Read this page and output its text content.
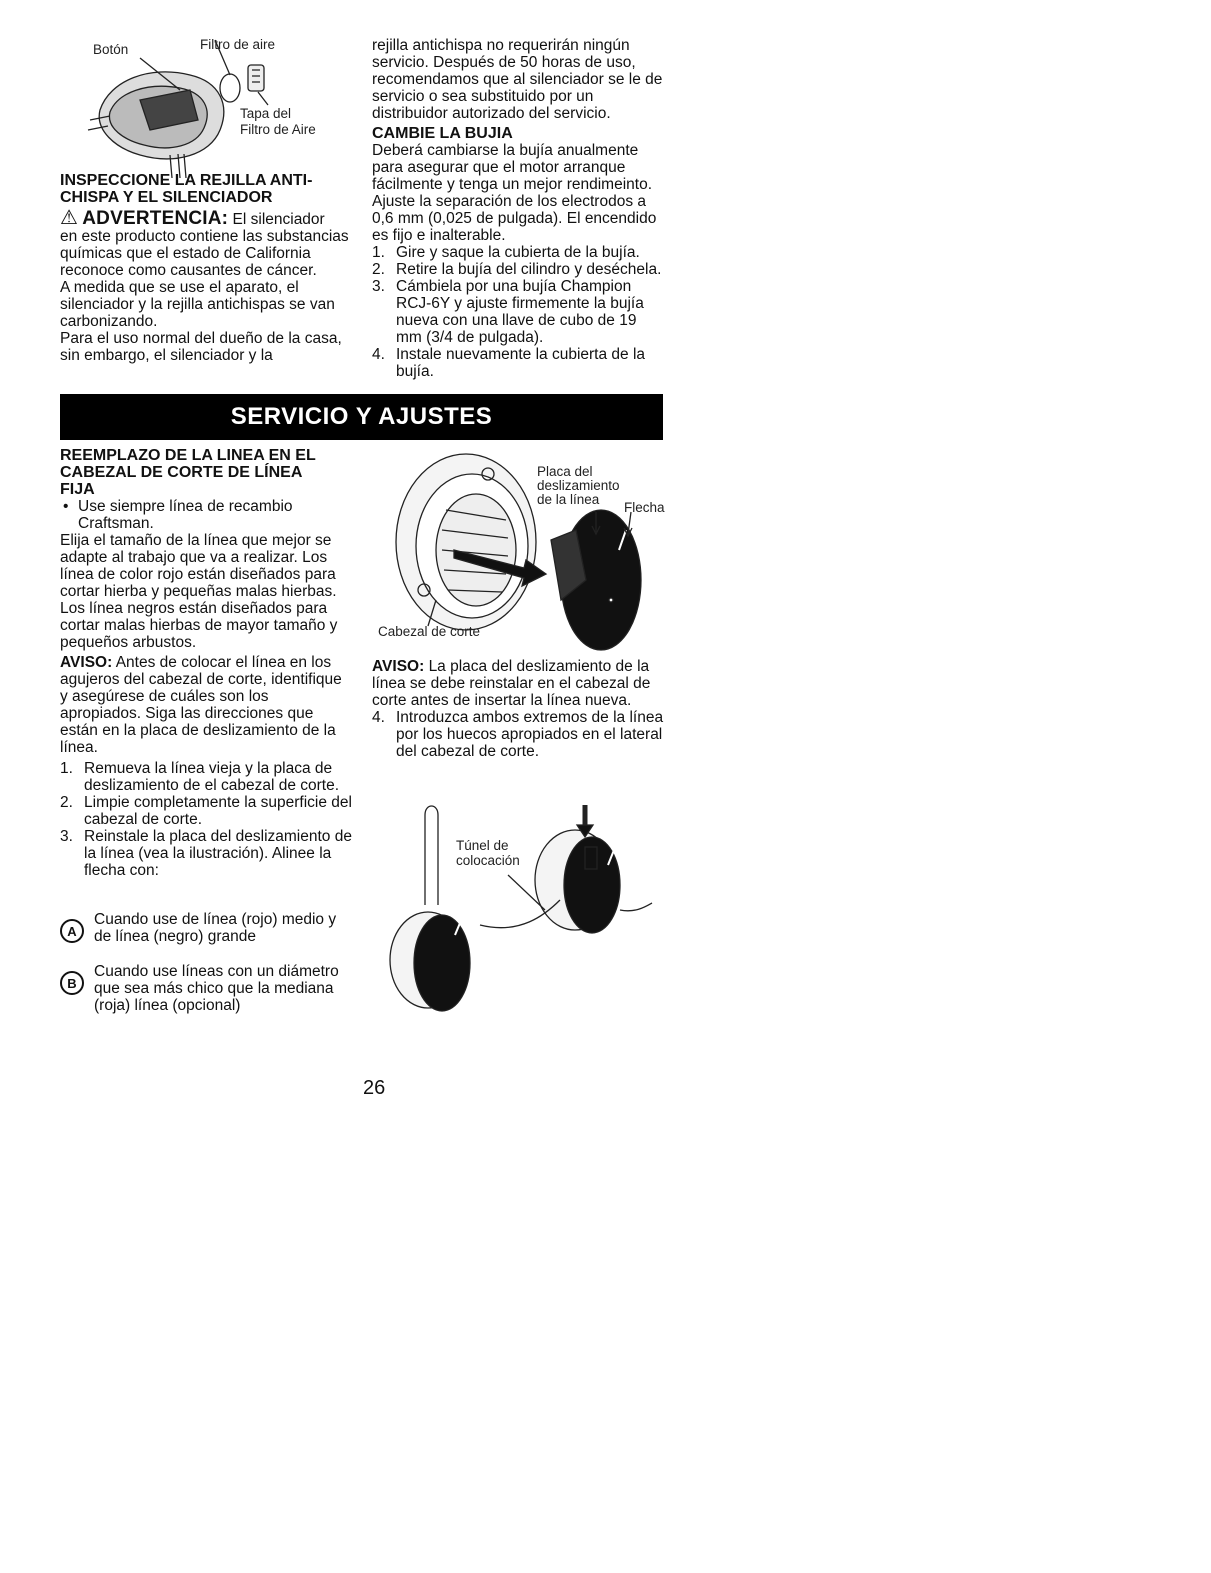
Botón	Filtro de aire
Tapa del
Filtro de Aire

INSPECCIONE LA REJILLA ANTI-CHISPA Y EL SILENCIADOR

⚠ ADVERTENCIA: El silenciador

en este producto contiene las substancias químicas que el estado de California reconoce como causantes de cáncer.

A medida que se use el aparato, el silenciador y la rejilla antichispas se van carbonizando.

Para el uso normal del dueño de la casa, sin embargo, el silenciador y la

rejilla antichispa no requerirán ningún servicio. Después de 50 horas de uso, recomendamos que al silenciador se le de servicio o sea substituido por un distribuidor autorizado del servicio.

CAMBIE LA BUJIA

Deberá cambiarse la bujía anualmente para asegurar que el motor arranque fácilmente y tenga un mejor rendimeinto. Ajuste la separación de los electrodos a 0,6 mm (0,025 de pulgada). El encendido es fijo e inalterable.

1. Gire y saque la cubierta de la bujía.
2. Retire la bujía del cilindro y deséchela.
3. Cámbiela por una bujía Champion RCJ-6Y y ajuste firmemente la bujía nueva con una llave de cubo de 19 mm (3/4 de pulgada).
4. Instale nuevamente la cubierta de la bujía.
SERVICIO Y AJUSTES

REEMPLAZO DE LA LINEA EN EL CABEZAL DE CORTE DE LÍNEA FIJA

• Use siempre línea de recambio Craftsman.

Elija el tamaño de la línea que mejor se adapte al trabajo que va a realizar. Los línea de color rojo están diseñados para cortar hierba y pequeñas malas hierbas. Los línea negros están diseñados para cortar malas hierbas de mayor tamaño y pequeños arbustos.

AVISO: Antes de colocar el línea en los agujeros del cabezal de corte, identifique y asegúrese de cuáles son los apropiados. Siga las direcciones que están en la placa de deslizamiento de la línea.

1. Remueva la línea vieja y la placa de deslizamiento de el cabezal de corte.
2. Limpie completamente la superficie del cabezal de corte.
3. Reinstale la placa del deslizamiento de la línea (vea la ilustración). Alinee la flecha con:
A
Cuando use de línea (rojo) medio y de línea (negro) grande
B
Cuando use líneas con un diámetro que sea más chico que la mediana (roja) línea (opcional)
Placa del
deslizamiento
de la línea
Flecha
Cabezal de corte

AVISO: La placa del deslizamiento de la línea se debe reinstalar en el cabezal de corte antes de insertar la línea nueva.

4. Introduzca ambos extremos de la línea por los huecos apropiados en el lateral del cabezal de corte.
Túnel de
colocación
26
